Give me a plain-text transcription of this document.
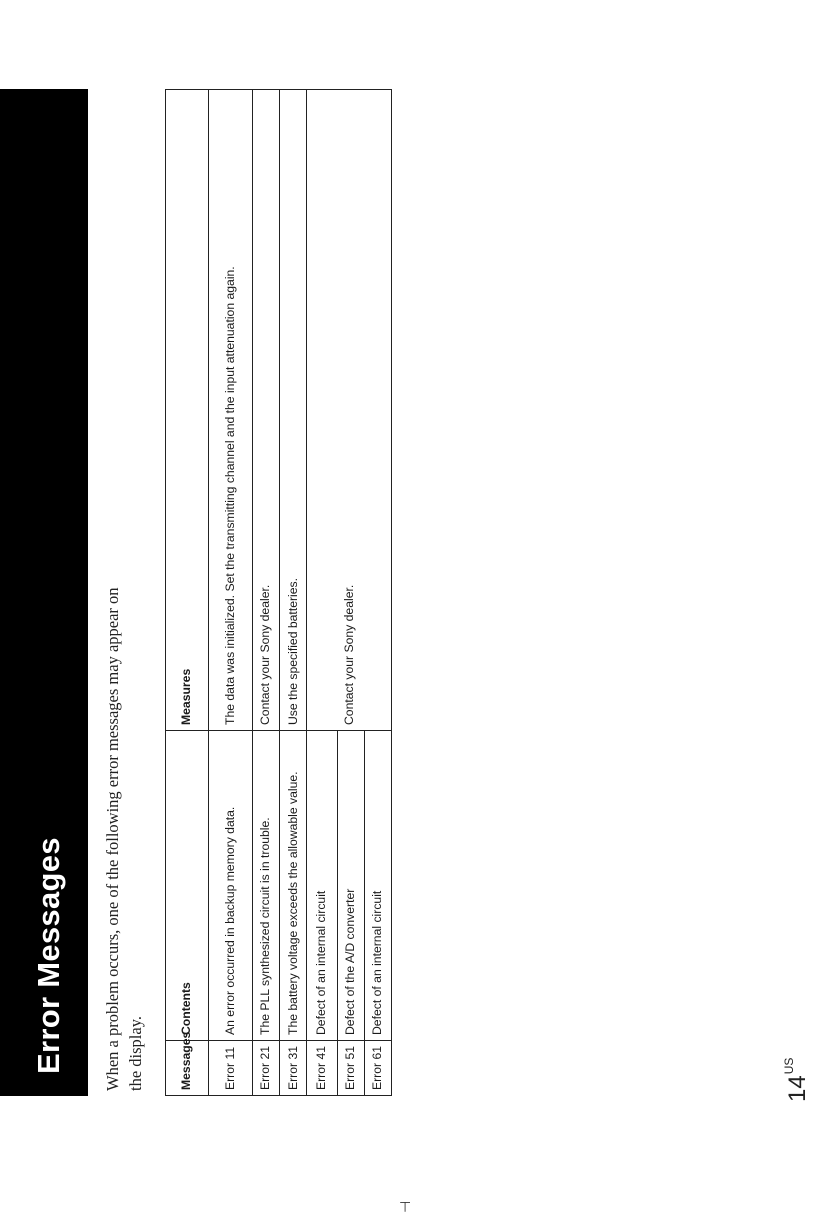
Error Messages When a problem occurs, one of the following error messages may appear on the display.	Messages	Contents	Measures
Error 11	An error occurred in backup memory data.	The data was initialized. Set the transmitting channel and the input attenuation again.
Error 21	The PLL synthesized circuit is in trouble.	Contact your Sony dealer.
Error 31	The battery voltage exceeds the allowable value.	Use the specified batteries.
Error 41	Defect of an internal circuit	Contact your Sony dealer.
Error 51	Defect of the A/D converter	
Error 61	Defect of an internal circuit	
$14^{US}$
⊣
